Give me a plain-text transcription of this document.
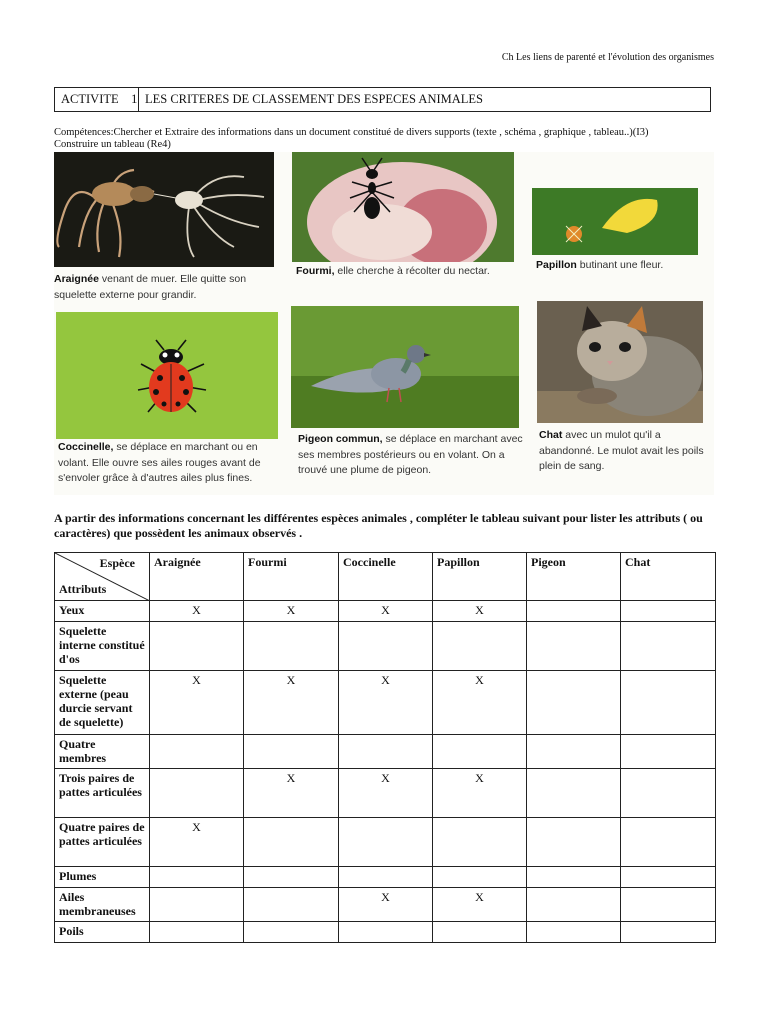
Ch Les liens de parenté et l'évolution des organismes
ACTIVITE    1 LES CRITERES DE CLASSEMENT DES ESPECES ANIMALES
Compétences:Chercher et Extraire des informations dans un document constitué de divers supports (texte , schéma , graphique , tableau..)(I3)
Construire un tableau (Re4)
Araignée venant de muer. Elle quitte son squelette externe pour grandir.
Fourmi, elle cherche à récolter du nectar.	Papillon butinant une fleur.
Coccinelle, se déplace en marchant ou en volant. Elle ouvre ses ailes rouges avant de s'envoler grâce à d'autres ailes plus fines.
Pigeon commun, se déplace en marchant avec ses membres postérieurs ou en volant. On a trouvé une plume de pigeon.
Chat avec un mulot qu'il a abandonné. Le mulot avait les poils plein de sang.
A partir des informations concernant les différentes espèces animales , compléter le tableau suivant pour lister les attributs ( ou caractères) que possèdent les animaux observés .
Espèce
Attributs	Araignée	Fourmi	Coccinelle	Papillon	Pigeon	Chat
Yeux	X	X	X	X		
Squelette interne constitué d'os						
Squelette externe (peau durcie servant de squelette)	X	X	X	X		
Quatre membres						
Trois paires de pattes articulées		X	X	X		
Quatre paires de pattes articulées	X					
Plumes						
Ailes membraneuses			X	X		
Poils						
